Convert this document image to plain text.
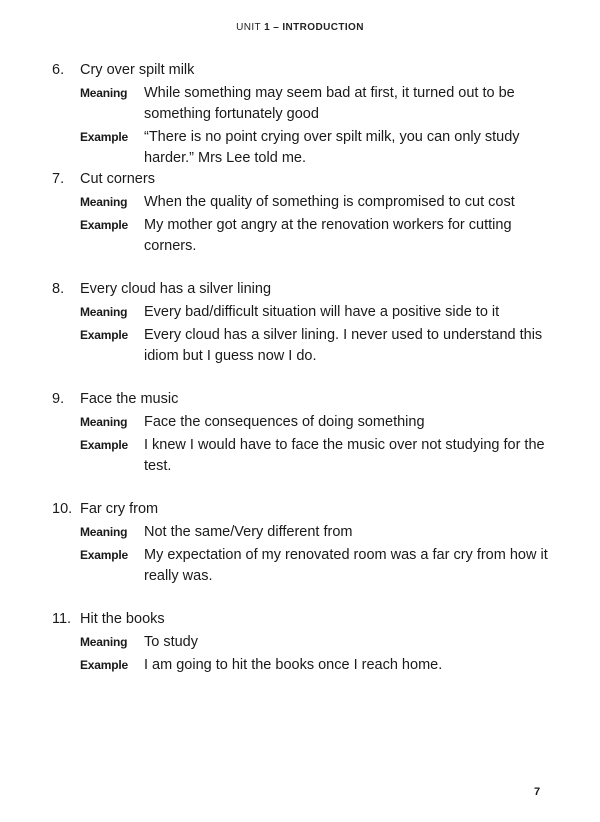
UNIT 1 – INTRODUCTION
6.	Cry over spilt milk
Meaning	While something may seem bad at first, it turned out to be something fortunately good
Example	“There is no point crying over spilt milk, you can only study harder.” Mrs Lee told me.
7.	Cut corners
Meaning	When the quality of something is compromised to cut cost
Example	My mother got angry at the renovation workers for cutting corners.
8.	Every cloud has a silver lining
Meaning	Every bad/difficult situation will have a positive side to it
Example	Every cloud has a silver lining. I never used to understand this idiom but I guess now I do.
9.	Face the music
Meaning	Face the consequences of doing something
Example	I knew I would have to face the music over not studying for the test.
10. Far cry from
Meaning	Not the same/Very different from
Example	My expectation of my renovated room was a far cry from how it really was.
11. Hit the books
Meaning	To study
Example	I am going to hit the books once I reach home.
7
